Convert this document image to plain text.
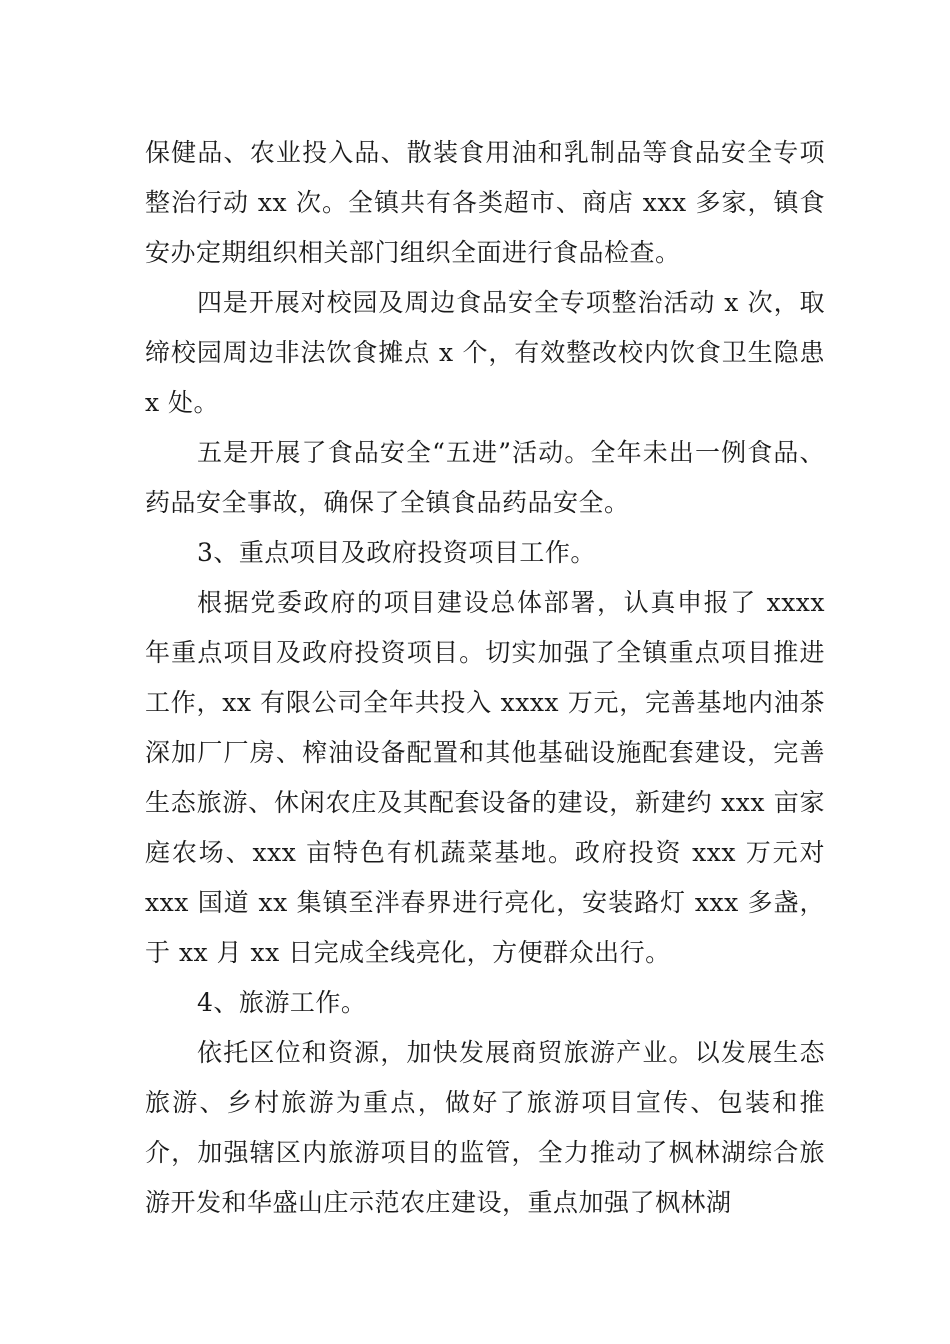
保健品、农业投入品、散装食用油和乳制品等食品安全专项整治行动 xx 次。全镇共有各类超市、商店 xxx 多家，镇食安办定期组织相关部门组织全面进行食品检查。

四是开展对校园及周边食品安全专项整治活动 x 次，取缔校园周边非法饮食摊点 x 个，有效整改校内饮食卫生隐患 x 处。

五是开展了食品安全“五进”活动。全年未出一例食品、药品安全事故，确保了全镇食品药品安全。

3、重点项目及政府投资项目工作。

根据党委政府的项目建设总体部署，认真申报了 xxxx 年重点项目及政府投资项目。切实加强了全镇重点项目推进工作，xx 有限公司全年共投入 xxxx 万元，完善基地内油茶深加厂厂房、榨油设备配置和其他基础设施配套建设，完善生态旅游、休闲农庄及其配套设备的建设，新建约 xxx 亩家庭农场、xxx 亩特色有机蔬菜基地。政府投资 xxx 万元对 xxx 国道 xx 集镇至泮春界进行亮化，安装路灯 xxx 多盏，于 xx 月 xx 日完成全线亮化，方便群众出行。

4、旅游工作。

依托区位和资源，加快发展商贸旅游产业。以发展生态旅游、乡村旅游为重点，做好了旅游项目宣传、包装和推介，加强辖区内旅游项目的监管，全力推动了枫林湖综合旅游开发和华盛山庄示范农庄建设，重点加强了枫林湖
